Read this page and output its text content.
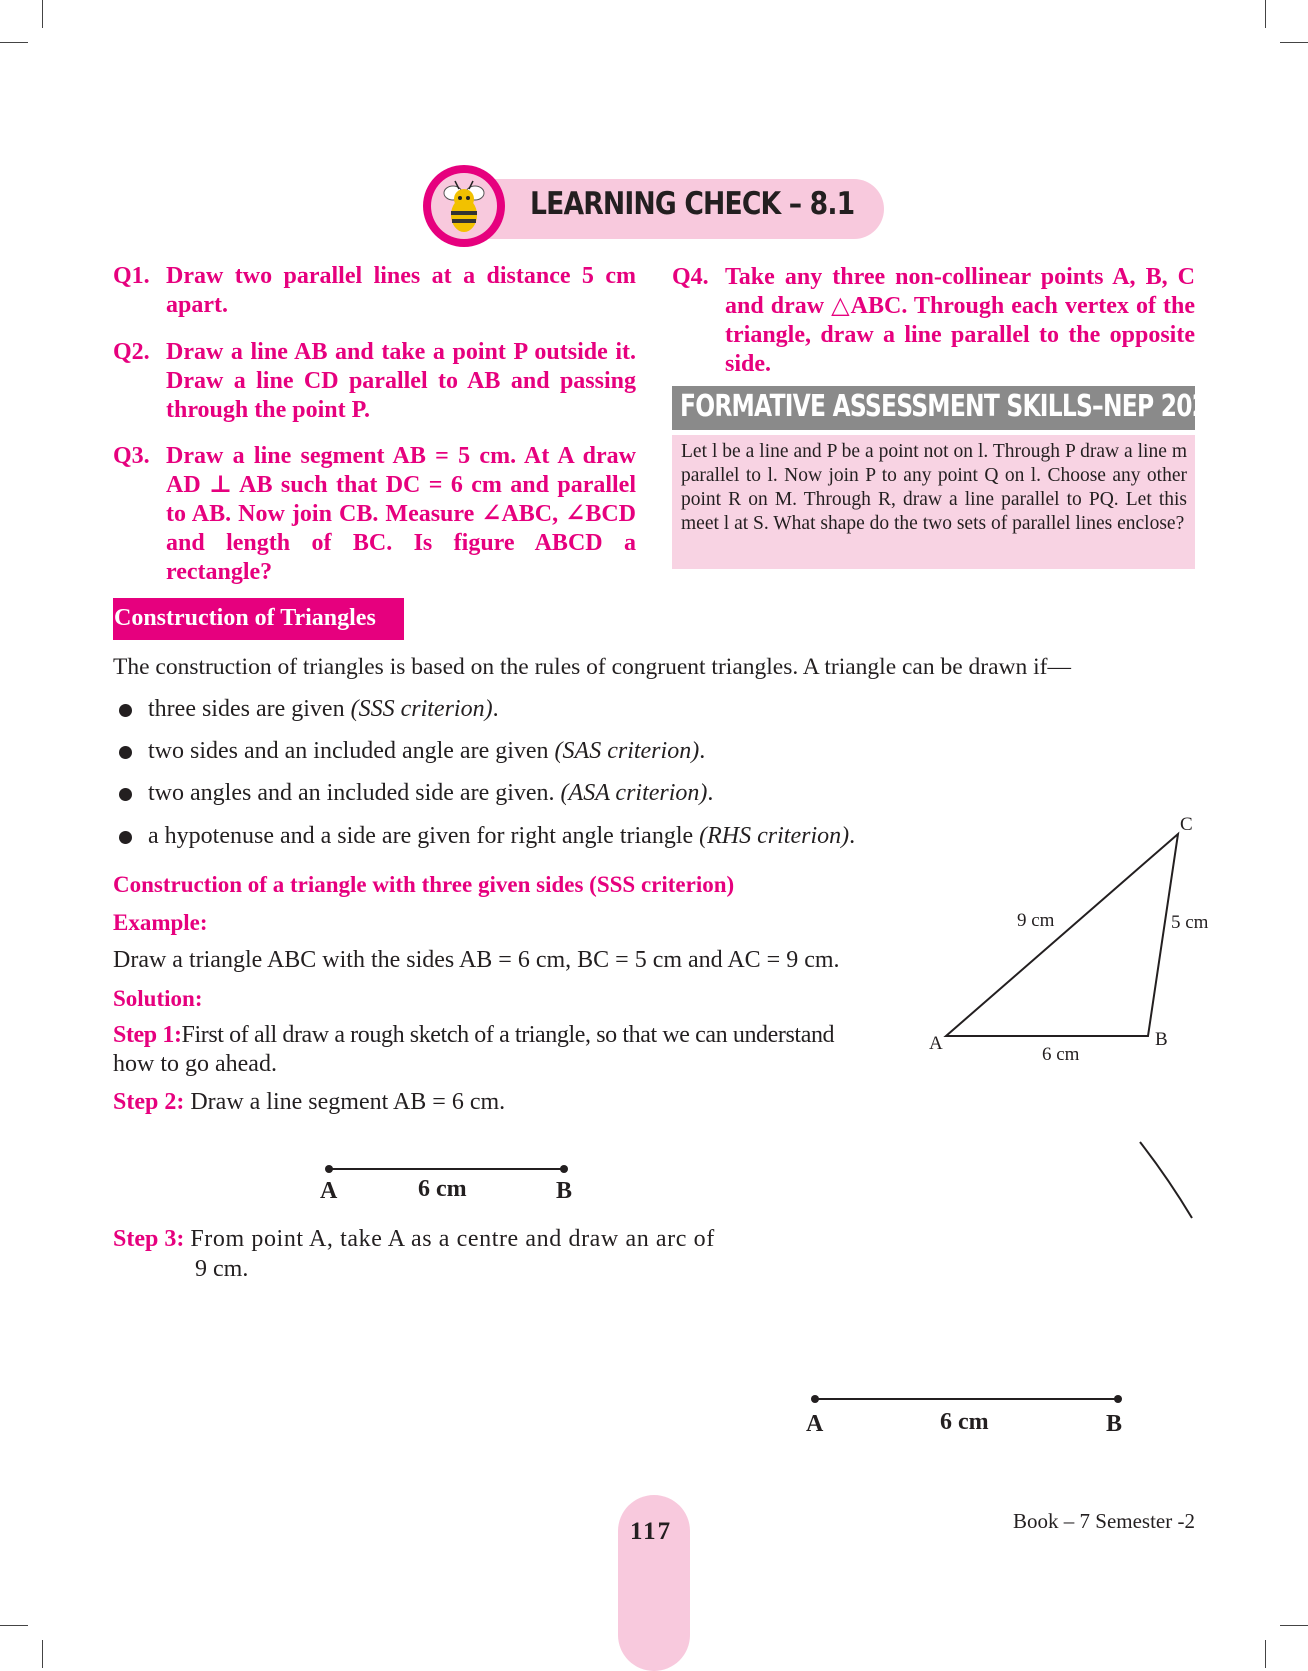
LEARNING CHECK – 8.1
Q1. Draw two parallel lines at a distance 5 cm apart.
Q2. Draw a line AB and take a point P outside it. Draw a line CD parallel to AB and passing through the point P.
Q3. Draw a line segment AB = 5 cm. At A draw AD ⊥ AB such that DC = 6 cm and parallel to AB. Now join CB. Measure ∠ABC, ∠BCD and length of BC. Is figure ABCD a rectangle?
Q4. Take any three non-collinear points A, B, C and draw △ABC. Through each vertex of the triangle, draw a line parallel to the opposite side.
FORMATIVE ASSESSMENT SKILLS–NEP 2020
Let l be a line and P be a point not on l. Through P draw a line m parallel to l. Now join P to any point Q on l. Choose any other point R on M. Through R, draw a line parallel to PQ. Let this meet l at S. What shape do the two sets of parallel lines enclose?
Construction of Triangles
The construction of triangles is based on the rules of congruent triangles. A triangle can be drawn if—
three sides are given (SSS criterion).
two sides and an included angle are given (SAS criterion).
two angles and an included side are given. (ASA criterion).
a hypotenuse and a side are given for right angle triangle (RHS criterion).
Construction of a triangle with three given sides (SSS criterion)
Example:
Draw a triangle ABC with the sides AB = 6 cm, BC = 5 cm and AC = 9 cm.
Solution:
Step 1:First of all draw a rough sketch of a triangle, so that we can understand
how to go ahead.
Step 2: Draw a line segment AB = 6 cm.
A	6 cm	B
Step 3: From point A, take A as a centre and draw an arc of
9 cm.
A	6 cm	B
A	B
C
9 cm	5 cm
6 cm
117	Book – 7 Semester -2
